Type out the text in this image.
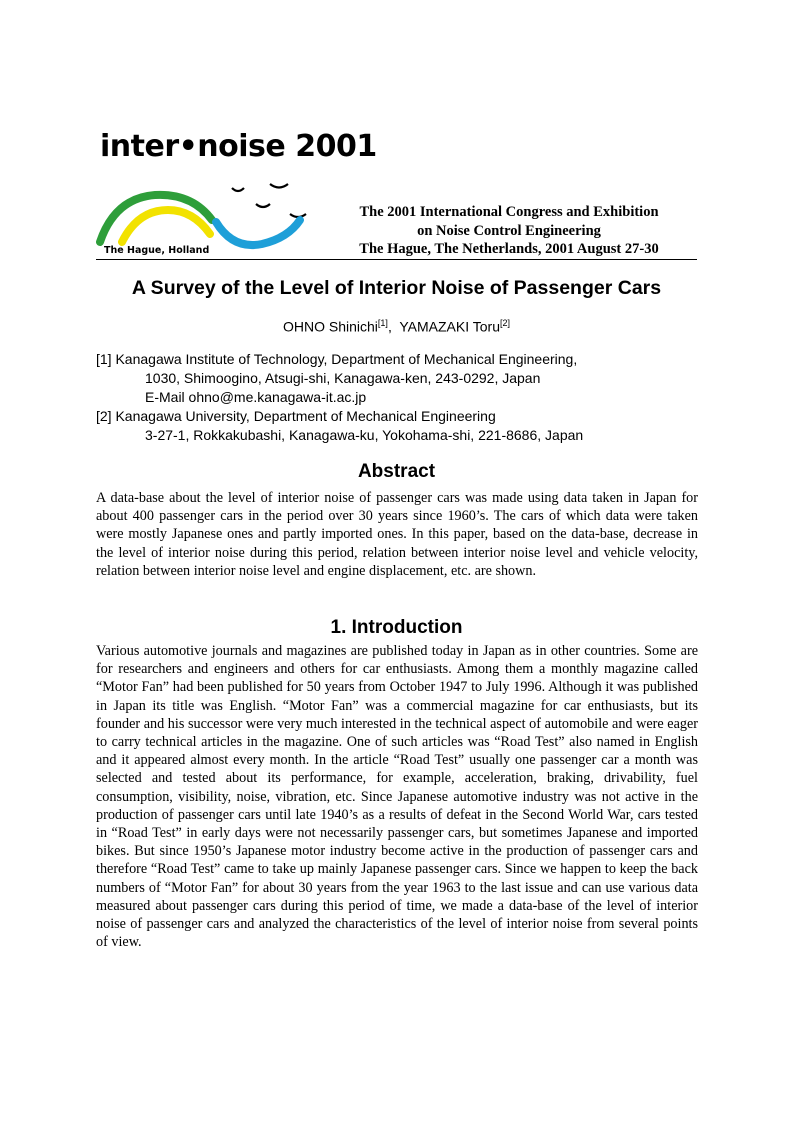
inter•noise 2001
The Hague, Holland
The 2001 International Congress and Exhibition
on Noise Control Engineering
The Hague, The Netherlands, 2001 August 27-30
A Survey of the Level of Interior Noise of Passenger Cars
OHNO Shinichi[1],  YAMAZAKI Toru[2]
[1] Kanagawa Institute of Technology, Department of Mechanical Engineering,
1030, Shimoogino, Atsugi-shi, Kanagawa-ken, 243-0292, Japan
E-Mail ohno@me.kanagawa-it.ac.jp
[2] Kanagawa University, Department of Mechanical Engineering
3-27-1, Rokkakubashi, Kanagawa-ku, Yokohama-shi, 221-8686, Japan
Abstract
A data-base about the level of interior noise of passenger cars was made using data taken in Japan for about 400 passenger cars in the period over 30 years since 1960’s. The cars of which data were taken were mostly Japanese ones and partly imported ones. In this paper, based on the data-base, decrease in the level of interior noise during this period, relation between interior noise level and vehicle velocity, relation between interior noise level and engine displacement, etc. are shown.
1. Introduction
Various automotive journals and magazines are published today in Japan as in other countries. Some are for researchers and engineers and others for car enthusiasts. Among them a monthly magazine called “Motor Fan” had been published for 50 years from October 1947 to July 1996. Although it was published in Japan its title was English. “Motor Fan” was a commercial magazine for car enthusiasts, but its founder and his successor were very much interested in the technical aspect of automobile and were eager to carry technical articles in the magazine. One of such articles was “Road Test” also named in English and it appeared almost every month. In the article “Road Test” usually one passenger car a month was selected and tested about its performance, for example, acceleration, braking, drivability, fuel consumption, visibility, noise, vibration, etc. Since Japanese automotive industry was not active in the production of passenger cars until late 1940’s as a results of defeat in the Second World War, cars tested in “Road Test” in early days were not necessarily passenger cars, but sometimes Japanese and imported bikes. But since 1950’s Japanese motor industry become active in the production of passenger cars and therefore “Road Test” came to take up mainly Japanese passenger cars. Since we happen to keep the back numbers of “Motor Fan” for about 30 years from the year 1963 to the last issue and can use various data measured about passenger cars during this period of time, we made a data-base of the level of interior noise of passenger cars and analyzed the characteristics of the level of interior noise from several points of view.
